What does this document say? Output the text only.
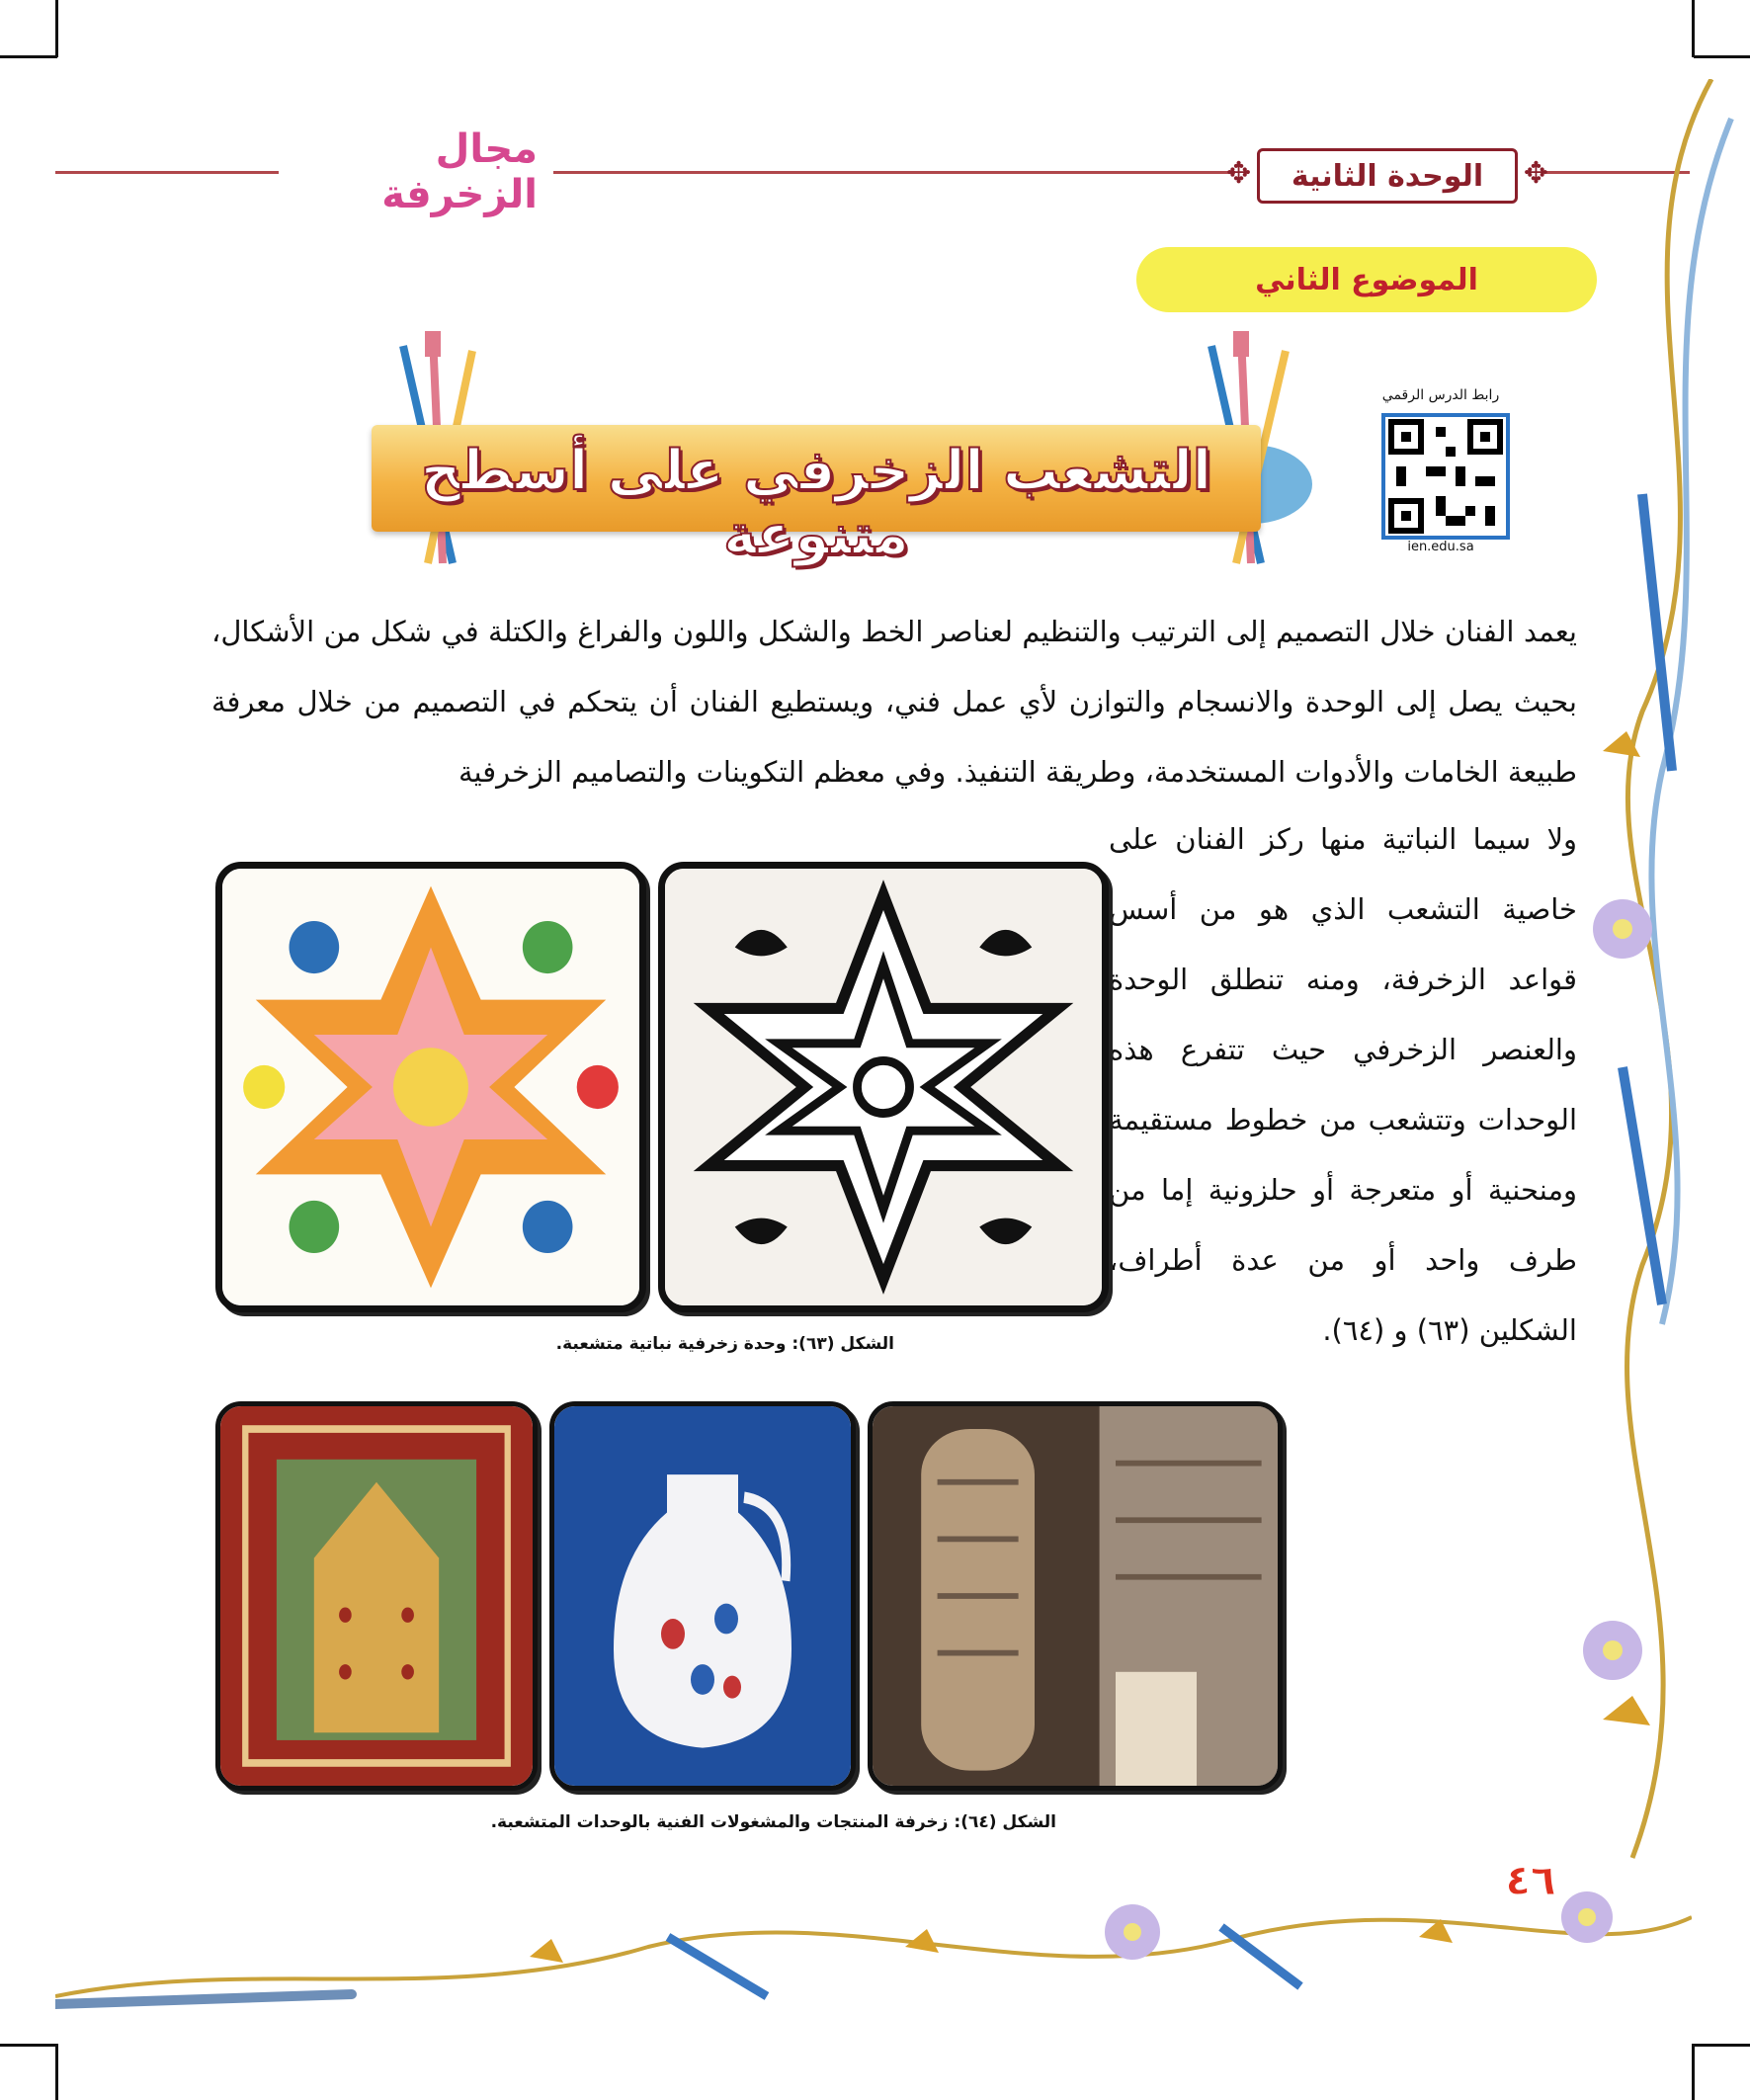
مجال الزخرفة
✥	الوحدة الثانية ✥
الموضوع الثاني
التشعب الزخرفي على أسطح متنوعة
رابط الدرس الرقمي
ien.edu.sa

يعمد الفنان خلال التصميم إلى الترتيب والتنظيم لعناصر الخط والشكل واللون والفراغ والكتلة في شكل من الأشكال، بحيث يصل إلى الوحدة والانسجام والتوازن لأي عمل فني، ويستطيع الفنان أن يتحكم في التصميم من خلال معرفة طبيعة الخامات والأدوات المستخدمة، وطريقة التنفيذ. وفي معظم التكوينات والتصاميم الزخرفية

ولا سيما النباتية منها ركز الفنان على خاصية التشعب الذي هو من أسس قواعد الزخرفة، ومنه تنطلق الوحدة والعنصر الزخرفي حيث تتفرع هذه الوحدات وتتشعب من خطوط مستقيمة ومنحنية أو متعرجة أو حلزونية إما من طرف واحد أو من عدة أطراف، الشكلين (٦٣) و (٦٤).

الشكل (٦٣): وحدة زخرفية نباتية متشعبة.
الشكل (٦٤): زخرفة المنتجات والمشغولات الفنية بالوحدات المتشعبة.
٤٦
